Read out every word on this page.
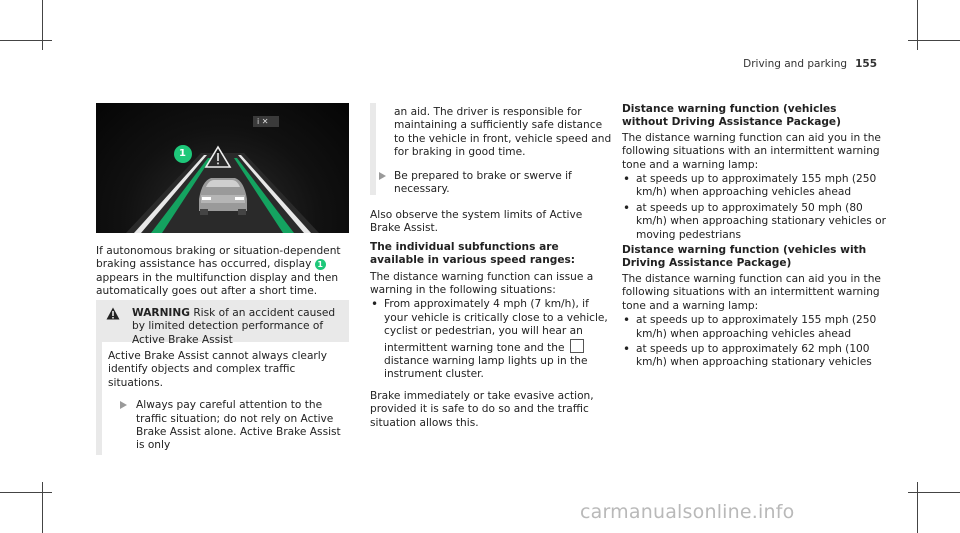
Driving and parking 155
1
i ✕

If autonomous braking or situation-dependent braking assistance has occurred, display 1 appears in the multifunction display and then automatically goes out after a short time.

WARNING Risk of an accident caused by limited detection performance of Active Brake Assist

Active Brake Assist cannot always clearly identify objects and complex traffic situations.

Always pay careful attention to the traffic situation; do not rely on Active Brake Assist alone. Active Brake Assist is only

an aid. The driver is responsible for maintaining a sufficiently safe distance to the vehicle in front, vehicle speed and for braking in good time.

Be prepared to brake or swerve if necessary.

Also observe the system limits of Active Brake Assist.

The individual subfunctions are available in various speed ranges:

The distance warning function can issue a warning in the following situations:

• From approximately 4 mph (7 km/h), if your vehicle is critically close to a vehicle, cyclist or pedestrian, you will hear an intermittent warning tone and the  distance warning lamp lights up in the instrument cluster.

Brake immediately or take evasive action, provided it is safe to do so and the traffic situation allows this.

Distance warning function (vehicles without Driving Assistance Package)

The distance warning function can aid you in the following situations with an intermittent warning tone and a warning lamp:

• at speeds up to approximately 155 mph (250 km/h) when approaching vehicles ahead
• at speeds up to approximately 50 mph (80 km/h) when approaching stationary vehicles or moving pedestrians

Distance warning function (vehicles with Driving Assistance Package)

The distance warning function can aid you in the following situations with an intermittent warning tone and a warning lamp:

• at speeds up to approximately 155 mph (250 km/h) when approaching vehicles ahead
• at speeds up to approximately 62 mph (100 km/h) when approaching stationary vehicles
carmanualsonline.info
